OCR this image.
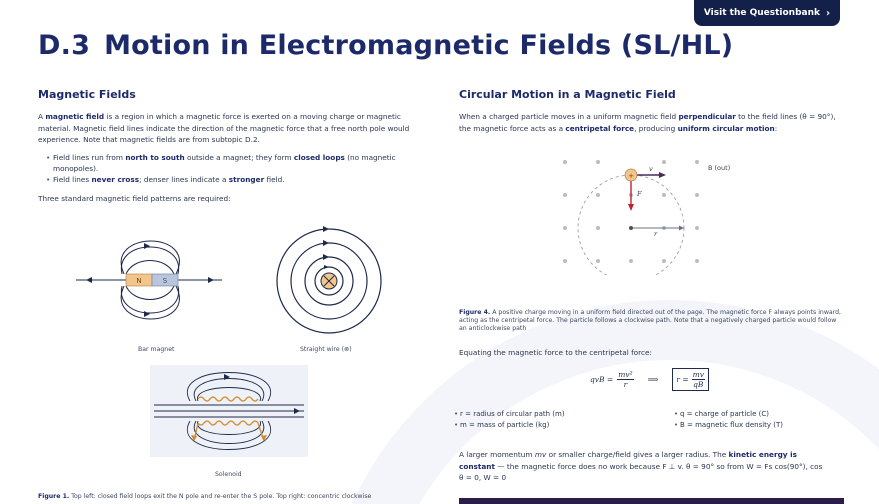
Visit the Questionbank ›
D.3 Motion in Electromagnetic Fields (SL/HL)
Magnetic Fields

A magnetic field is a region in which a magnetic force is exerted on a moving charge or magnetic material. Magnetic field lines indicate the direction of the magnetic force that a free north pole would experience. Note that magnetic fields are from subtopic D.2.

• Field lines run from north to south outside a magnet; they form closed loops (no magnetic monopoles).
• Field lines never cross; denser lines indicate a stronger field.

Three standard magnetic field patterns are required:

N	S
Bar magnet	Straight wire (⊗)
Solenoid
Figure 1. Top left: closed field loops exit the N pole and re-enter the S pole. Top right: concentric clockwise
Circular Motion in a Magnetic Field

When a charged particle moves in a uniform magnetic field perpendicular to the field lines (θ = 90°), the magnetic force acts as a centripetal force, producing uniform circular motion:

r
v
F
+
B (out)
Figure 4. A positive charge moving in a uniform field directed out of the page. The magnetic force F always points inward, acting as the centripetal force. The particle follows a clockwise path. Note that a negatively charged particle would follow an anticlockwise path

Equating the magnetic force to the centripetal force:

qvB = $\frac{\text{mv²}}{r}$ ⟹ $r = \frac{mv}{qB}$
• r = radius of circular path (m)
• m = mass of particle (kg)
• q = charge of particle (C)
• B = magnetic flux density (T)

A larger momentum mv or smaller charge/field gives a larger radius. The kinetic energy is constant — the magnetic force does no work because F ⊥ v. θ = 90° so from W = Fs cos(90°), cos θ = 0, W = 0
